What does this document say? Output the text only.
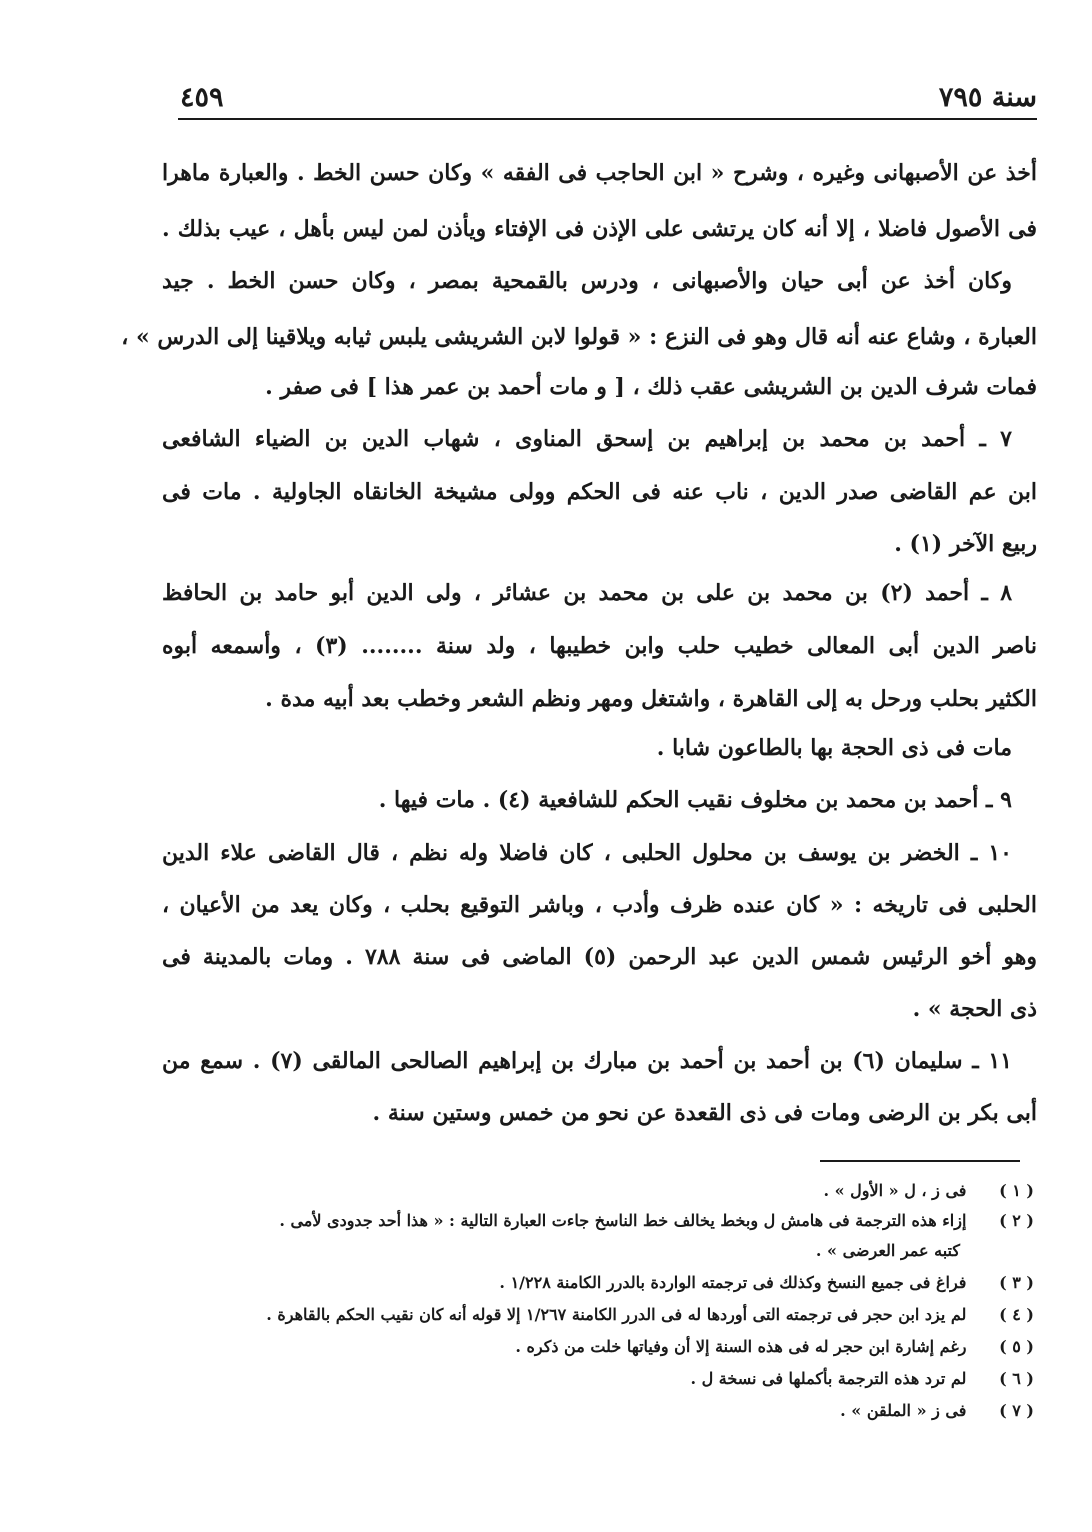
سنة ٧٩٥
٤٥٩
أخذ عن الأصبهانى وغيره ، وشرح « ابن الحاجب فى الفقه » وكان حسن الخط . والعبارة ماهرا
فى الأصول فاضلا ، إلا أنه كان يرتشى على الإذن فى الإفتاء ويأذن لمن ليس بأهل ، عيب بذلك .
وكان أخذ عن أبى حيان والأصبهانى ، ودرس بالقمحية بمصر ، وكان حسن الخط . جيد
العبارة ، وشاع عنه أنه قال وهو فى النزع : « قولوا لابن الشريشى يلبس ثيابه ويلاقينا إلى الدرس » ،
فمات شرف الدين بن الشريشى عقب ذلك ، [ و مات أحمد بن عمر هذا ] فى صفر .
٧ ـ أحمد بن محمد بن إبراهيم بن إسحق المناوى ، شهاب الدين بن الضياء الشافعى
ابن عم القاضى صدر الدين ، ناب عنه فى الحكم وولى مشيخة الخانقاه الجاولية . مات فى
ربيع الآخر (١) .
٨ ـ أحمد (٢) بن محمد بن على بن محمد بن عشائر ، ولى الدين أبو حامد بن الحافظ
ناصر الدين أبى المعالى خطيب حلب وابن خطيبها ، ولد سنة ........ (٣) ، وأسمعه أبوه
الكثير بحلب ورحل به إلى القاهرة ، واشتغل ومهر ونظم الشعر وخطب بعد أبيه مدة .
مات فى ذى الحجة بها بالطاعون شابا .
٩ ـ أحمد بن محمد بن مخلوف نقيب الحكم للشافعية (٤) . مات فيها .
١٠ ـ الخضر بن يوسف بن محلول الحلبى ، كان فاضلا وله نظم ، قال القاضى علاء الدين
الحلبى فى تاريخه : « كان عنده ظرف وأدب ، وباشر التوقيع بحلب ، وكان يعد من الأعيان ،
وهو أخو الرئيس شمس الدين عبد الرحمن (٥) الماضى فى سنة ٧٨٨ . ومات بالمدينة فى
ذى الحجة » .
١١ ـ سليمان (٦) بن أحمد بن أحمد بن مبارك بن إبراهيم الصالحى المالقى (٧) . سمع من
أبى بكر بن الرضى ومات فى ذى القعدة عن نحو من خمس وستين سنة .
( ١ ) فى ز ، ل « الأول » .
( ٢ ) إزاء هذه الترجمة فى هامش ل وبخط يخالف خط الناسخ جاءت العبارة التالية : « هذا أحد جدودى لأمى .
كتبه عمر العرضى » .
( ٣ ) فراغ فى جميع النسخ وكذلك فى ترجمته الواردة بالدرر الكامنة ١/٢٢٨ .
( ٤ ) لم يزد ابن حجر فى ترجمته التى أوردها له فى الدرر الكامنة ١/٢٦٧ إلا قوله أنه كان نقيب الحكم بالقاهرة .
( ٥ ) رغم إشارة ابن حجر له فى هذه السنة إلا أن وفياتها خلت من ذكره .
( ٦ ) لم ترد هذه الترجمة بأكملها فى نسخة ل .
( ٧ ) فى ز « الملقن » .
